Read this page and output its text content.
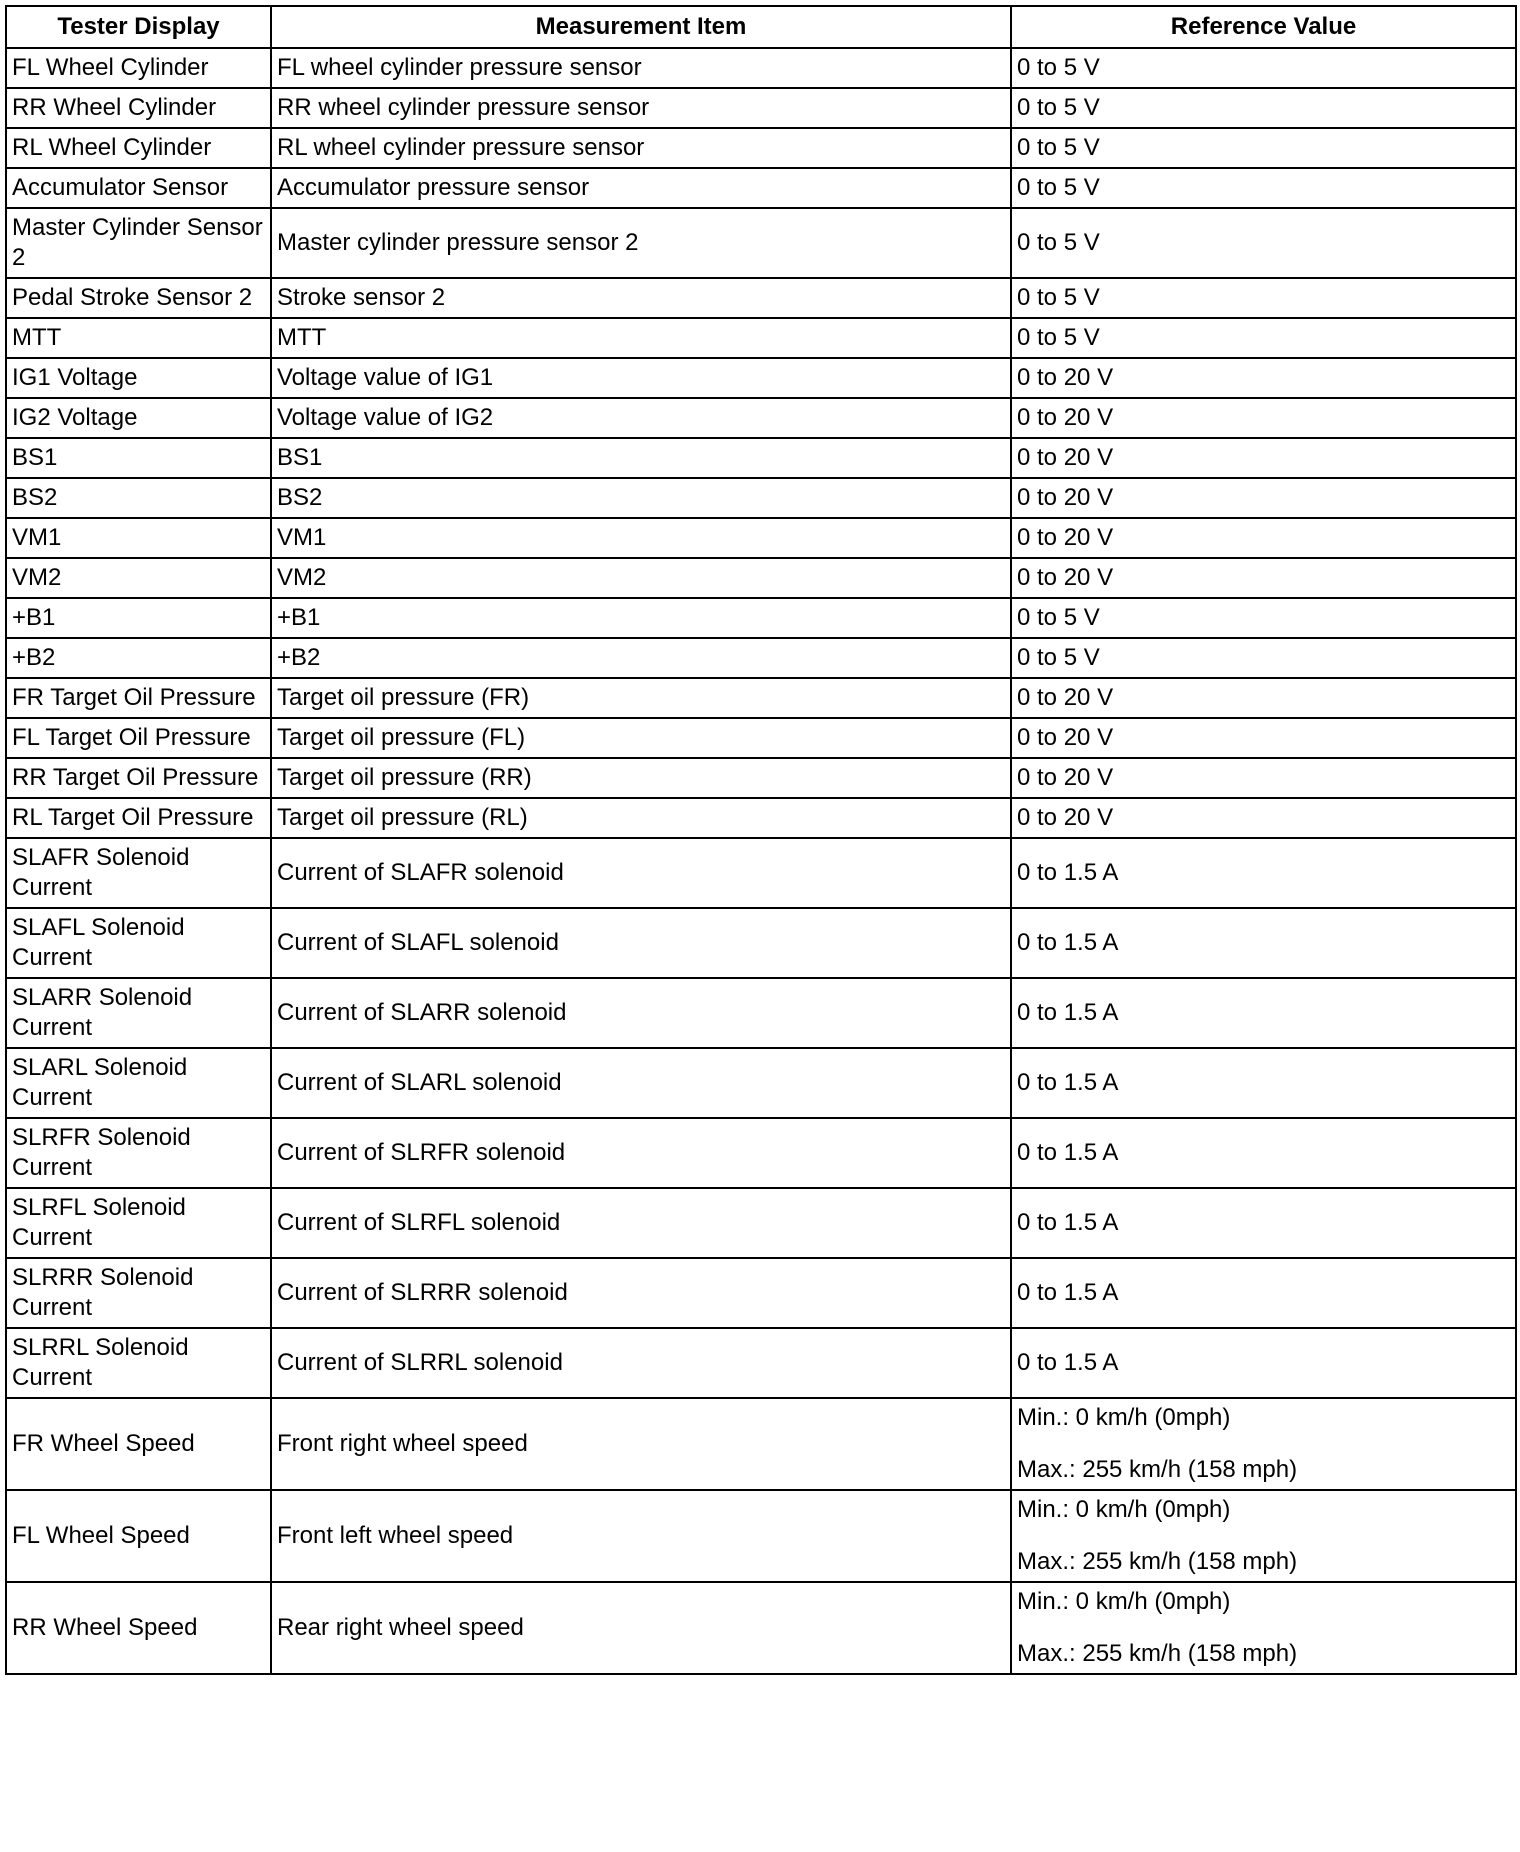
Tester Display	Measurement Item	Reference Value
FL Wheel Cylinder	FL wheel cylinder pressure sensor	0 to 5 V

RR Wheel Cylinder	RR wheel cylinder pressure sensor	0 to 5 V

RL Wheel Cylinder	RL wheel cylinder pressure sensor	0 to 5 V

Accumulator Sensor	Accumulator pressure sensor	0 to 5 V

Master Cylinder Sensor 2	Master cylinder pressure sensor 2	0 to 5 V

Pedal Stroke Sensor 2	Stroke sensor 2	0 to 5 V

MTT	MTT	0 to 5 V

IG1 Voltage	Voltage value of IG1	0 to 20 V

IG2 Voltage	Voltage value of IG2	0 to 20 V

BS1	BS1	0 to 20 V

BS2	BS2	0 to 20 V

VM1	VM1	0 to 20 V

VM2	VM2	0 to 20 V

+B1	+B1	0 to 5 V

+B2	+B2	0 to 5 V

FR Target Oil Pressure	Target oil pressure (FR)	0 to 20 V

FL Target Oil Pressure	Target oil pressure (FL)	0 to 20 V

RR Target Oil Pressure	Target oil pressure (RR)	0 to 20 V

RL Target Oil Pressure	Target oil pressure (RL)	0 to 20 V

SLAFR Solenoid Current	Current of SLAFR solenoid	0 to 1.5 A

SLAFL Solenoid Current	Current of SLAFL solenoid	0 to 1.5 A

SLARR Solenoid Current	Current of SLARR solenoid	0 to 1.5 A

SLARL Solenoid Current	Current of SLARL solenoid	0 to 1.5 A

SLRFR Solenoid Current	Current of SLRFR solenoid	0 to 1.5 A

SLRFL Solenoid Current	Current of SLRFL solenoid	0 to 1.5 A

SLRRR Solenoid Current	Current of SLRRR solenoid	0 to 1.5 A

SLRRL Solenoid Current	Current of SLRRL solenoid	0 to 1.5 A

FR Wheel Speed	Front right wheel speed	Min.: 0 km/h (0mph)
Max.: 255 km/h (158 mph)

FL Wheel Speed	Front left wheel speed	Min.: 0 km/h (0mph)
Max.: 255 km/h (158 mph)

RR Wheel Speed	Rear right wheel speed	Min.: 0 km/h (0mph)
Max.: 255 km/h (158 mph)
